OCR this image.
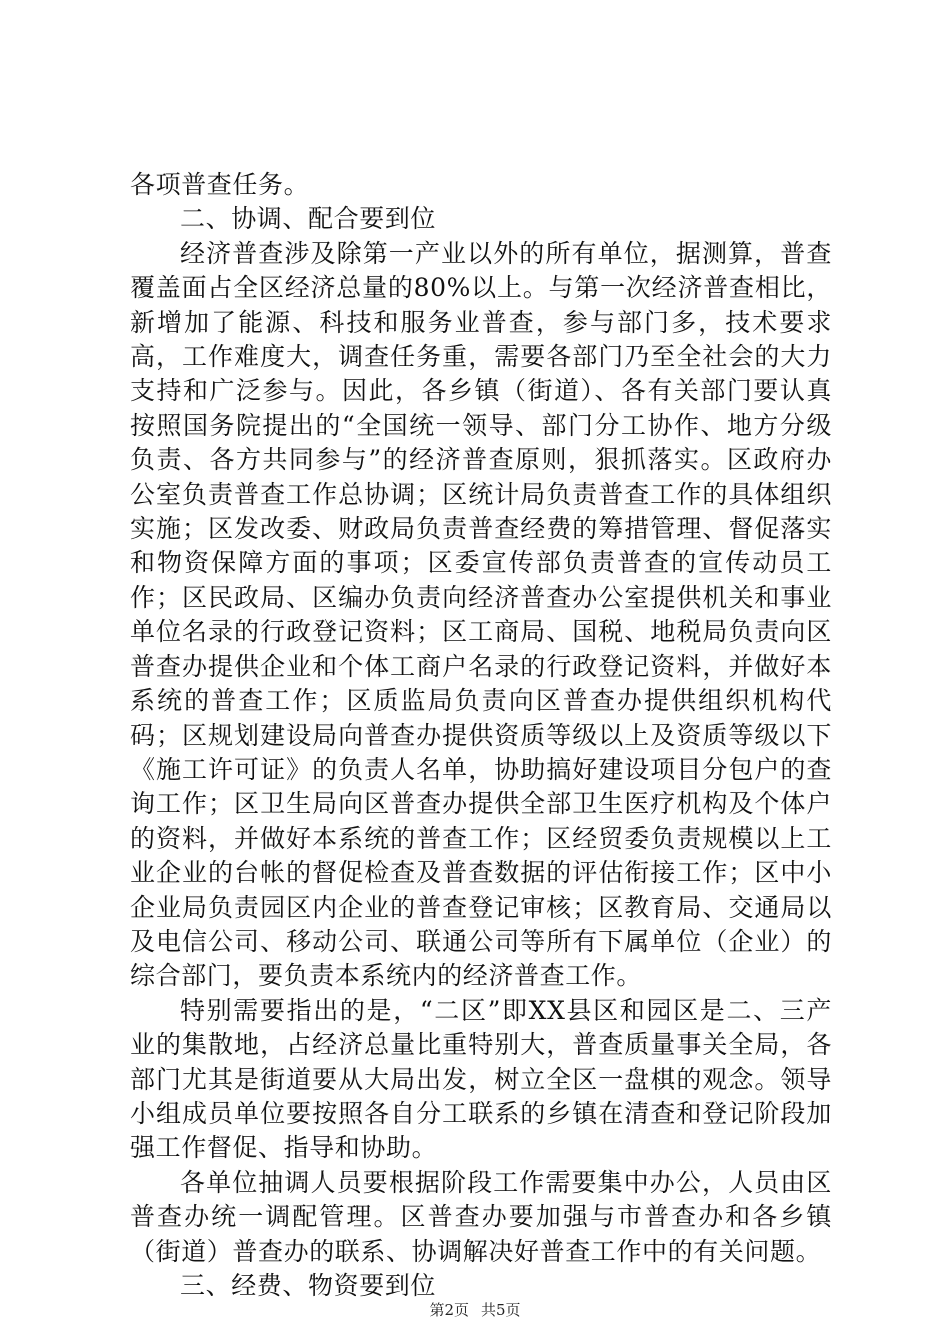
各项普查任务。

二、协调、配合要到位

经济普查涉及除第一产业以外的所有单位，据测算，普查覆盖面占全区经济总量的80%以上。与第一次经济普查相比，新增加了能源、科技和服务业普查，参与部门多，技术要求高，工作难度大，调查任务重，需要各部门乃至全社会的大力支持和广泛参与。因此，各乡镇（街道）、各有关部门要认真按照国务院提出的“全国统一领导、部门分工协作、地方分级负责、各方共同参与”的经济普查原则，狠抓落实。区政府办公室负责普查工作总协调；区统计局负责普查工作的具体组织实施；区发改委、财政局负责普查经费的筹措管理、督促落实和物资保障方面的事项；区委宣传部负责普查的宣传动员工作；区民政局、区编办负责向经济普查办公室提供机关和事业单位名录的行政登记资料；区工商局、国税、地税局负责向区普查办提供企业和个体工商户名录的行政登记资料，并做好本系统的普查工作；区质监局负责向区普查办提供组织机构代码；区规划建设局向普查办提供资质等级以上及资质等级以下《施工许可证》的负责人名单，协助搞好建设项目分包户的查询工作；区卫生局向区普查办提供全部卫生医疗机构及个体户的资料，并做好本系统的普查工作；区经贸委负责规模以上工业企业的台帐的督促检查及普查数据的评估衔接工作；区中小企业局负责园区内企业的普查登记审核；区教育局、交通局以及电信公司、移动公司、联通公司等所有下属单位（企业）的综合部门，要负责本系统内的经济普查工作。

特别需要指出的是，“二区”即XX县区和园区是二、三产业的集散地，占经济总量比重特别大，普查质量事关全局，各部门尤其是街道要从大局出发，树立全区一盘棋的观念。领导小组成员单位要按照各自分工联系的乡镇在清查和登记阶段加强工作督促、指导和协助。

各单位抽调人员要根据阶段工作需要集中办公，人员由区普查办统一调配管理。区普查办要加强与市普查办和各乡镇（街道）普查办的联系、协调解决好普查工作中的有关问题。

三、经费、物资要到位

第2页 共5页
